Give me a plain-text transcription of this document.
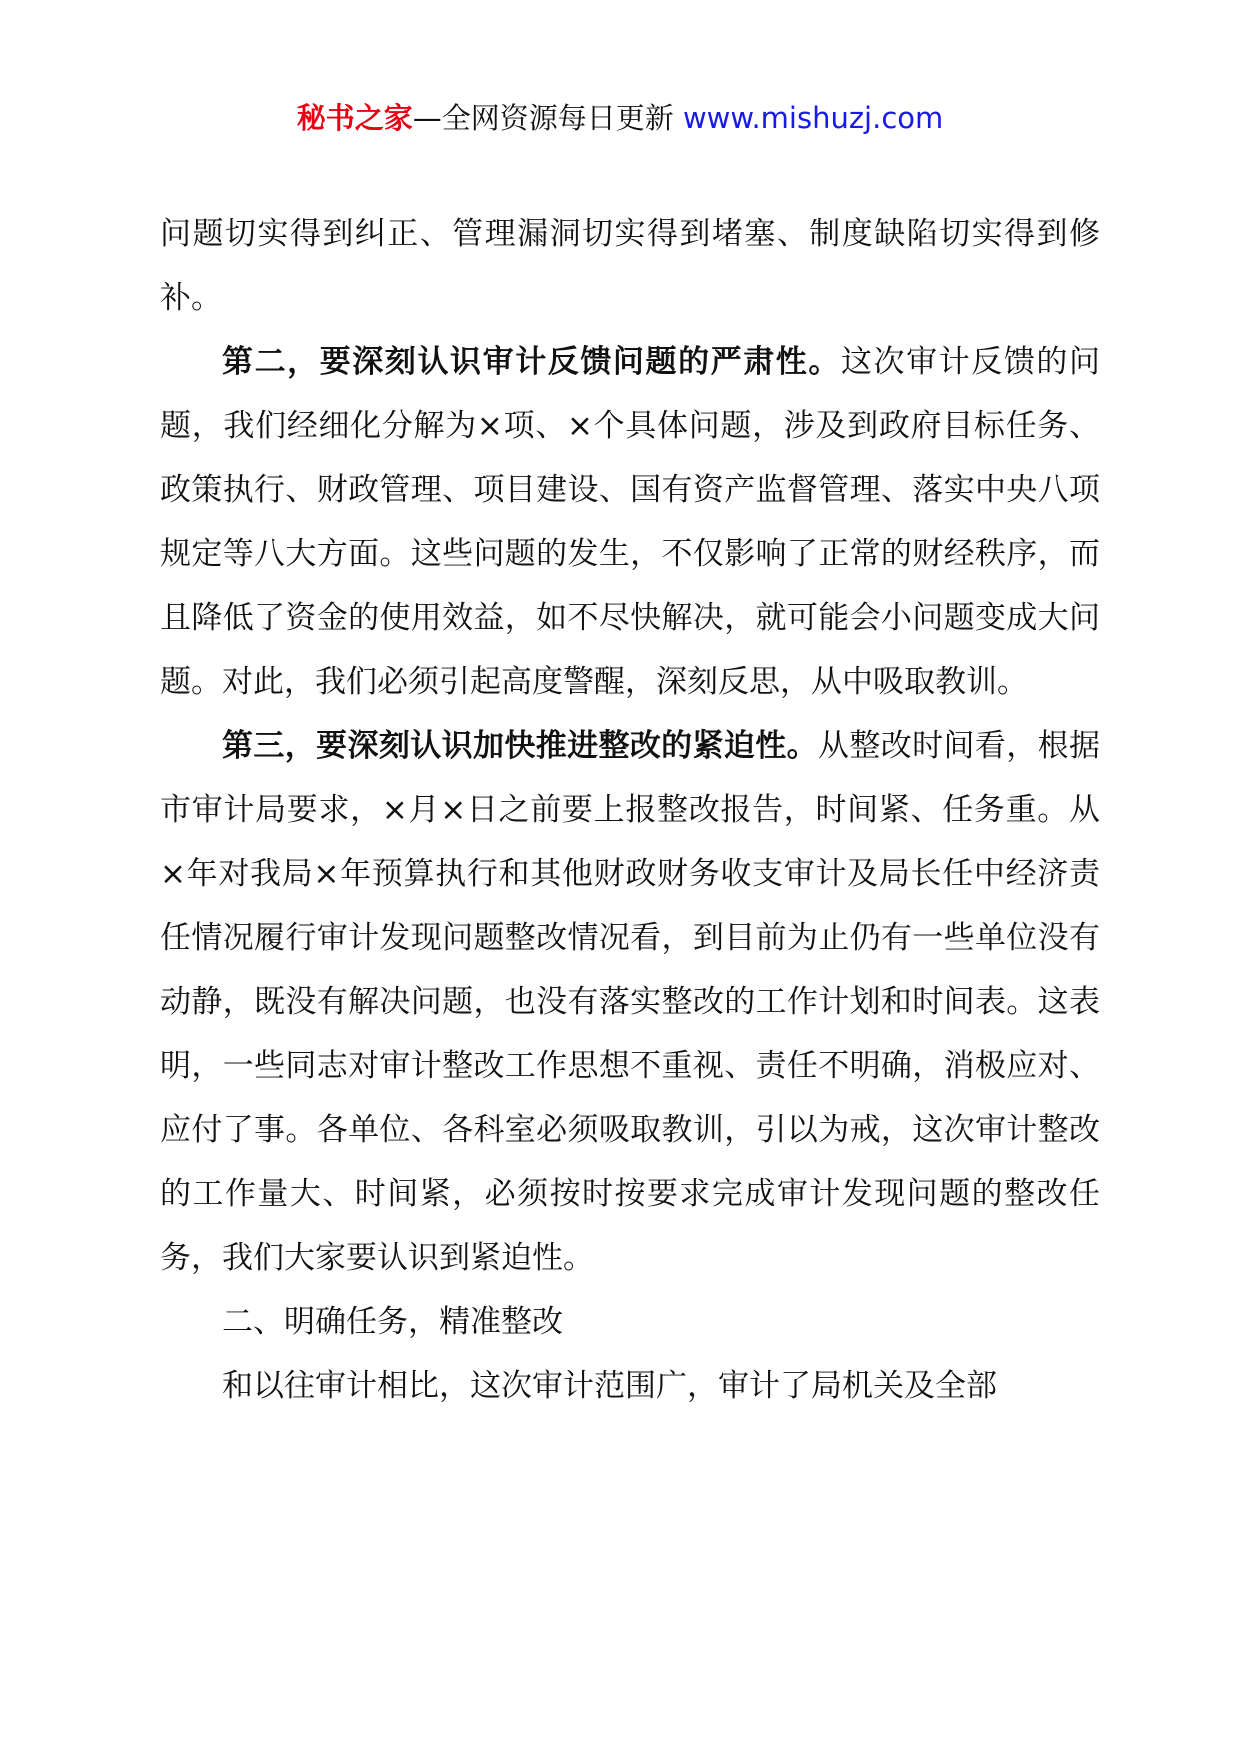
秘书之家—全网资源每日更新 www.mishuzj.com

问题切实得到纠正、管理漏洞切实得到堵塞、制度缺陷切实得到修补。

第二，要深刻认识审计反馈问题的严肃性。这次审计反馈的问题，我们经细化分解为×项、×个具体问题，涉及到政府目标任务、政策执行、财政管理、项目建设、国有资产监督管理、落实中央八项规定等八大方面。这些问题的发生，不仅影响了正常的财经秩序，而且降低了资金的使用效益，如不尽快解决，就可能会小问题变成大问题。对此，我们必须引起高度警醒，深刻反思，从中吸取教训。

第三，要深刻认识加快推进整改的紧迫性。从整改时间看，根据市审计局要求，×月×日之前要上报整改报告，时间紧、任务重。从×年对我局×年预算执行和其他财政财务收支审计及局长任中经济责任情况履行审计发现问题整改情况看，到目前为止仍有一些单位没有动静，既没有解决问题，也没有落实整改的工作计划和时间表。这表明，一些同志对审计整改工作思想不重视、责任不明确，消极应对、应付了事。各单位、各科室必须吸取教训，引以为戒，这次审计整改的工作量大、时间紧，必须按时按要求完成审计发现问题的整改任务，我们大家要认识到紧迫性。

二、明确任务，精准整改

和以往审计相比，这次审计范围广，审计了局机关及全部
